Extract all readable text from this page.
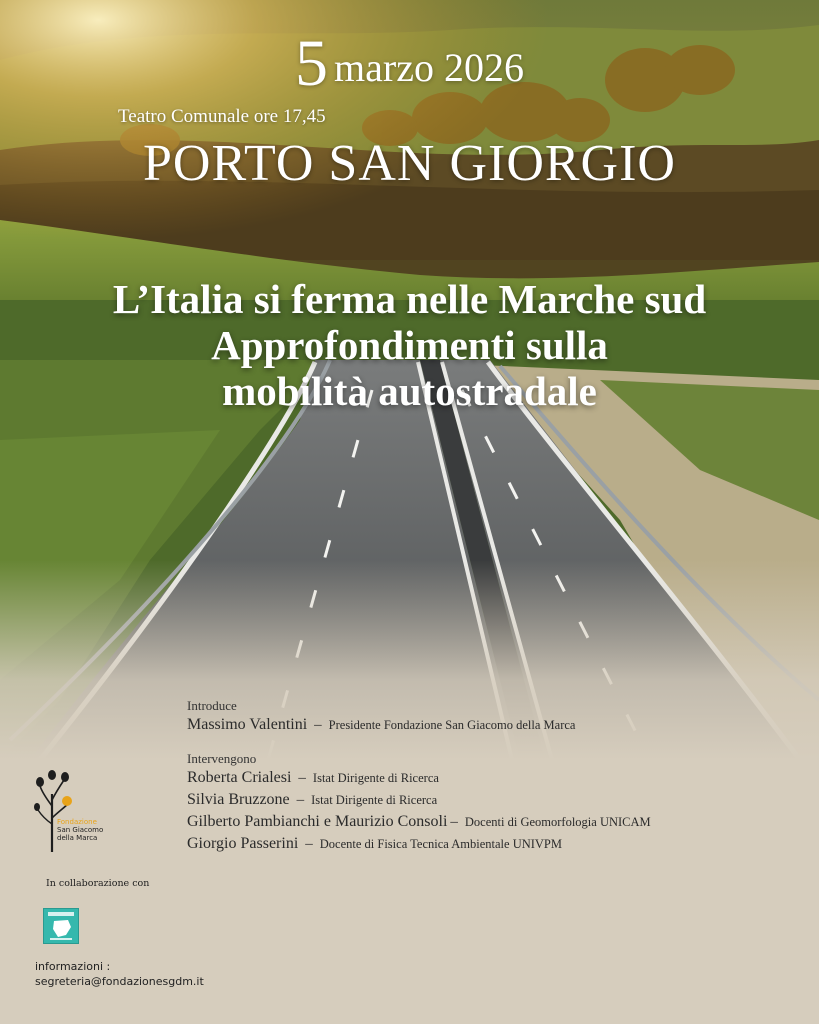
5 marzo 2026
Teatro Comunale ore 17,45
PORTO SAN GIORGIO
L’Italia si ferma nelle Marche sud
Approfondimenti sulla
mobilità autostradale
Introduce
Massimo Valentini – Presidente Fondazione San Giacomo della Marca
Intervengono
Roberta Crialesi – Istat Dirigente di Ricerca
Silvia Bruzzone – Istat Dirigente di Ricerca
Gilberto Pambianchi e Maurizio Consoli – Docenti di Geomorfologia UNICAM
Giorgio Passerini – Docente di Fisica Tecnica Ambientale UNIVPM
Fondazione
San Giacomo
della Marca
In collaborazione con
informazioni :
segreteria@fondazionesgdm.it
